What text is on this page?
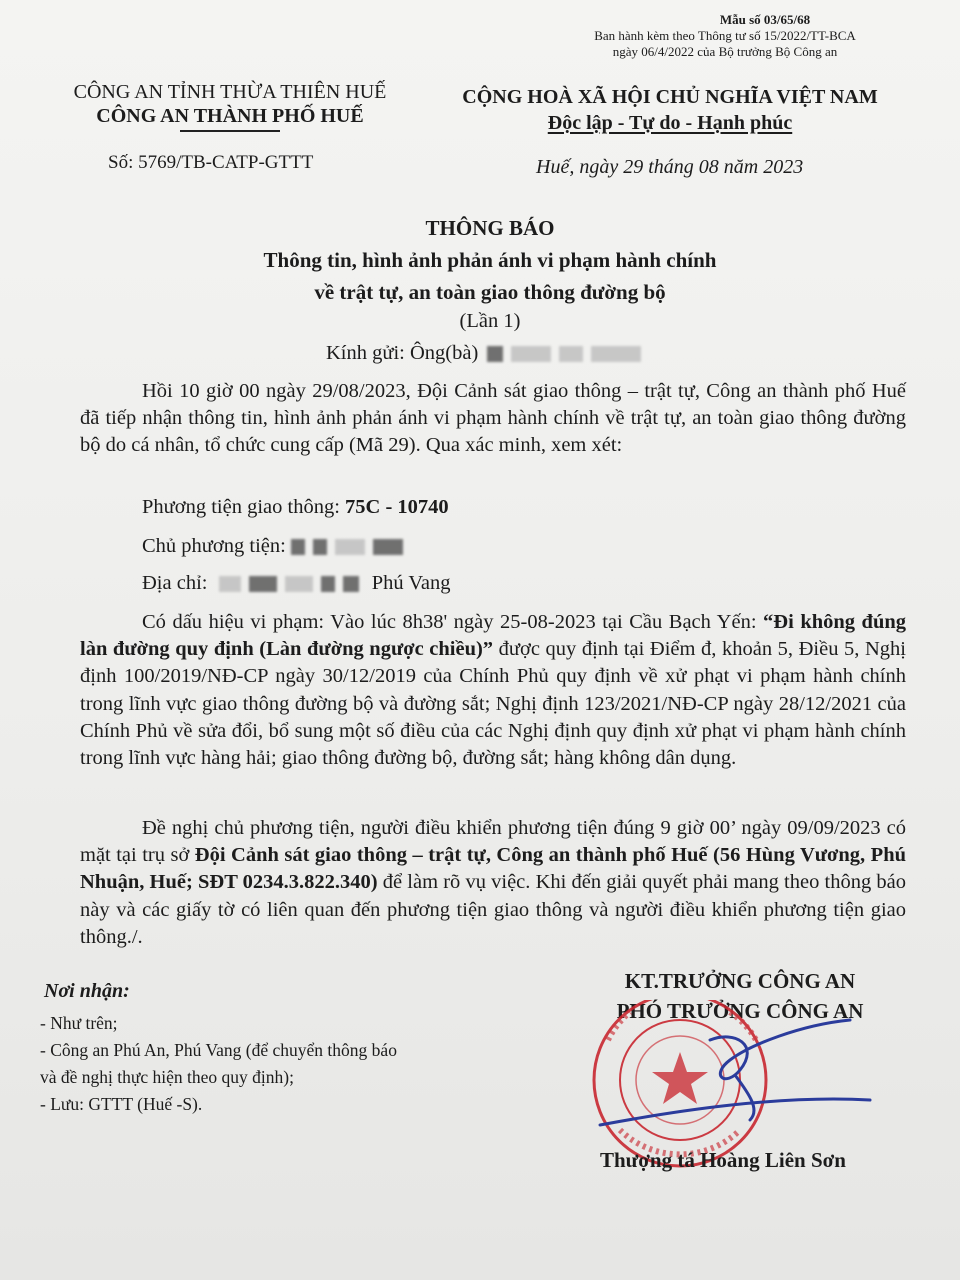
Mẫu số 03/65/68
Ban hành kèm theo Thông tư số 15/2022/TT-BCA
ngày 06/4/2022 của Bộ trưởng Bộ Công an
CÔNG AN TỈNH THỪA THIÊN HUẾ
CÔNG AN THÀNH PHỐ HUẾ
Số: 5769/TB-CATP-GTTT
CỘNG HOÀ XÃ HỘI CHỦ NGHĨA VIỆT NAM
Độc lập - Tự do - Hạnh phúc
Huế, ngày 29 tháng 08 năm 2023
THÔNG BÁO
Thông tin, hình ảnh phản ánh vi phạm hành chính
về trật tự, an toàn giao thông đường bộ
(Lần 1)
Kính gửi: Ông(bà)
Hồi 10 giờ 00 ngày 29/08/2023, Đội Cảnh sát giao thông – trật tự, Công an thành phố Huế đã tiếp nhận thông tin, hình ảnh phản ánh vi phạm hành chính về trật tự, an toàn giao thông đường bộ do cá nhân, tổ chức cung cấp (Mã 29). Qua xác minh, xem xét:
Phương tiện giao thông: 75C - 10740
Chủ phương tiện:
Địa chỉ:	Phú Vang
Có dấu hiệu vi phạm: Vào lúc 8h38' ngày 25-08-2023 tại Cầu Bạch Yến: “Đi không đúng làn đường quy định (Làn đường ngược chiều)” được quy định tại Điểm đ, khoản 5, Điều 5, Nghị định 100/2019/NĐ-CP ngày 30/12/2019 của Chính Phủ quy định về xử phạt vi phạm hành chính trong lĩnh vực giao thông đường bộ và đường sắt; Nghị định 123/2021/NĐ-CP ngày 28/12/2021 của Chính Phủ về sửa đổi, bổ sung một số điều của các Nghị định quy định xử phạt vi phạm hành chính trong lĩnh vực hàng hải; giao thông đường bộ, đường sắt; hàng không dân dụng.
Đề nghị chủ phương tiện, người điều khiển phương tiện đúng 9 giờ 00’ ngày 09/09/2023 có mặt tại trụ sở Đội Cảnh sát giao thông – trật tự, Công an thành phố Huế (56 Hùng Vương, Phú Nhuận, Huế; SĐT 0234.3.822.340) để làm rõ vụ việc. Khi đến giải quyết phải mang theo thông báo này và các giấy tờ có liên quan đến phương tiện giao thông và người điều khiển phương tiện giao thông./.
Nơi nhận:
- Như trên;
- Công an Phú An, Phú Vang (để chuyển thông báo
và đề nghị thực hiện theo quy định);
- Lưu: GTTT (Huế -S).
KT.TRƯỞNG CÔNG AN
PHÓ TRƯỞNG CÔNG AN
Thượng tá Hoàng Liên Sơn
